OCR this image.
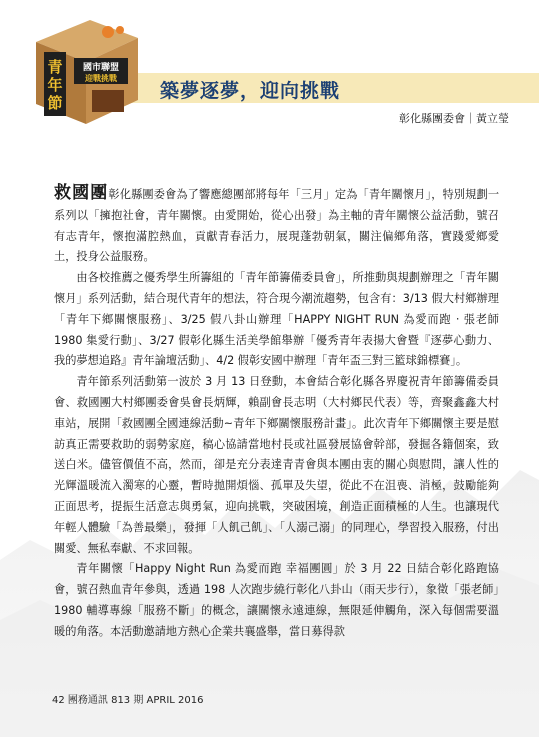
青
年
節
國市聯盟
迎戰挑戰
築夢逐夢，迎向挑戰
彰化縣團委會｜黃立瑩

救國團彰化縣團委會為了響應總團部將每年「三月」定為「青年關懷月」，特別規劃一系列以「擁抱社會，青年關懷。由愛開始，從心出發」為主軸的青年關懷公益活動，號召有志青年，懷抱滿腔熱血，貢獻青春活力，展現蓬勃朝氣，關注偏鄉角落，實踐愛鄉愛土，投身公益服務。

由各校推薦之優秀學生所籌組的「青年節籌備委員會」，所推動與規劃辦理之「青年關懷月」系列活動，結合現代青年的想法，符合現今潮流趨勢，包含有：3/13 假大村鄉辦理「青年下鄉關懷服務」、3/25 假八卦山辦理「HAPPY NIGHT RUN 為愛而跑 ‧ 張老師 1980 集愛行動」、3/27 假彰化縣生活美學館舉辦「優秀青年表揚大會暨『逐夢心動力、我的夢想追路』青年論壇活動」、4/2 假彰安國中辦理「青年盃三對三籃球錦標賽」。

青年節系列活動第一波於 3 月 13 日登動，本會結合彰化縣各界慶祝青年節籌備委員會、救國團大村鄉團委會吳會長炳輝，賴副會長志明（大村鄉民代表）等，齊聚鑫鑫大村車站，展開「救國團全國連線活動~青年下鄉關懷服務計畫」。此次青年下鄉關懷主要是慰訪真正需要救助的弱勢家庭，稿心協請當地村長或社區發展協會幹部，發掘各籍個案，致送白米。儘管價值不高，然而，卻是充分表達青青會與本團由衷的關心與慰問，讓人性的光輝溫暖流入濁寒的心靈，暫時拋開煩惱、孤單及失望，從此不在沮喪、消極，鼓勵能夠正面思考，提振生活意志與勇氣，迎向挑戰，突破困境，創造正面積極的人生。也讓現代年輕人體驗「為善最樂」，發揮「人飢己飢」、「人溺己溺」的同理心，學習投入服務，付出關愛、無私奉獻、不求回報。

青年關懷「Happy Night Run 為愛而跑 幸福團圓」於 3 月 22 日結合彰化路跑協會，號召熱血青年參與，透過 198 人次跑步繞行彰化八卦山（雨天步行），象徵「張老師」1980 輔導專線「服務不斷」的概念，讓關懷永遠連線，無限延伸觸角，深入每個需要溫暖的角落。本活動邀請地方熱心企業共襄盛舉，當日募得款

42 團務通訊 813 期 APRIL 2016
